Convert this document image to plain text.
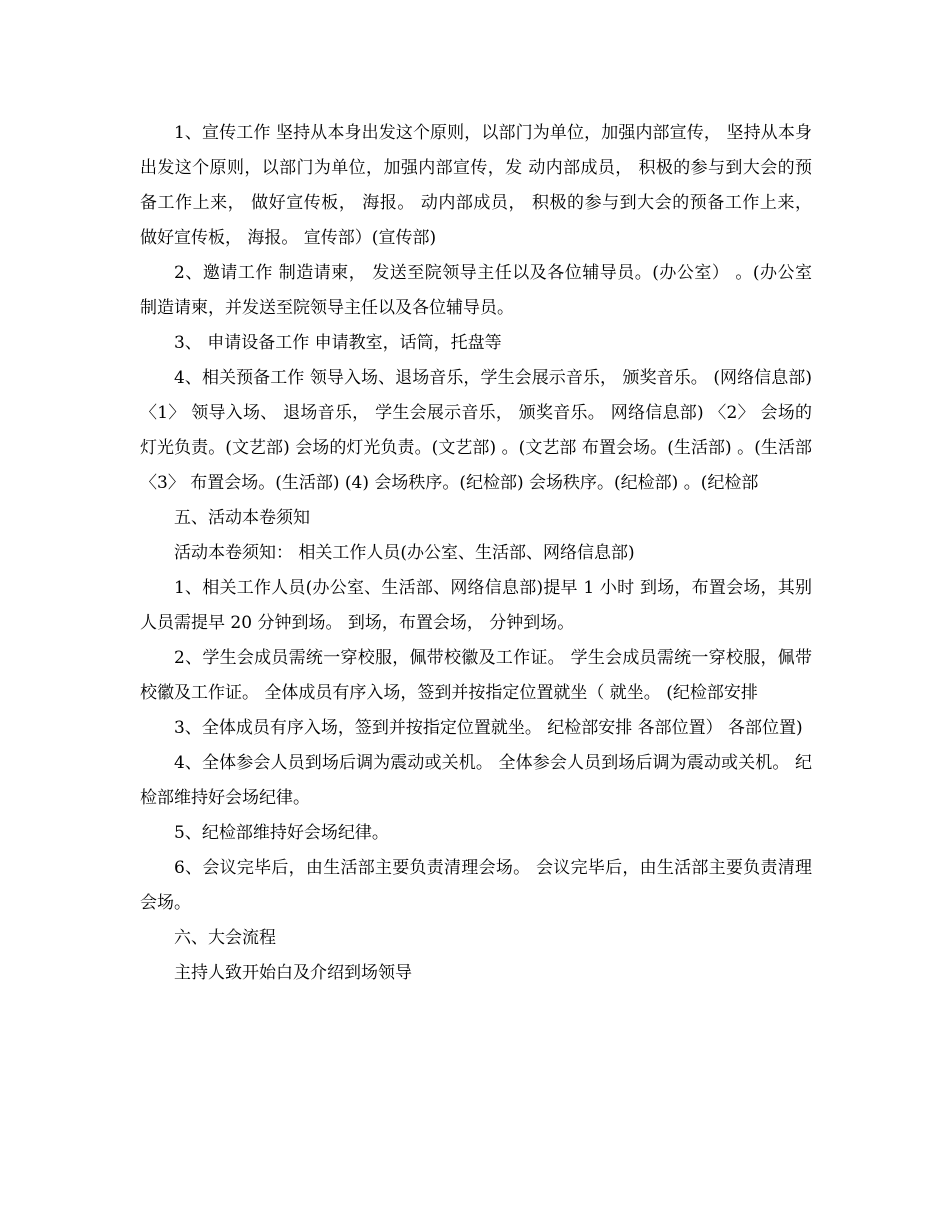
1、宣传工作 坚持从本身出发这个原则，以部门为单位，加强内部宣传， 坚持从本身出发这个原则，以部门为单位，加强内部宣传，发 动内部成员， 积极的参与到大会的预备工作上来， 做好宣传板， 海报。 动内部成员， 积极的参与到大会的预备工作上来， 做好宣传板， 海报。 宣传部）(宣传部)

2、邀请工作 制造请柬， 发送至院领导主任以及各位辅导员。(办公室） 。(办公室 制造请柬，并发送至院领导主任以及各位辅导员。

3、 申请设备工作 申请教室，话筒，托盘等

4、相关预备工作 领导入场、退场音乐，学生会展示音乐， 颁奖音乐。 (网络信息部) 〈1〉 领导入场、 退场音乐， 学生会展示音乐， 颁奖音乐。 网络信息部) 〈2〉 会场的灯光负责。(文艺部) 会场的灯光负责。(文艺部) 。(文艺部 布置会场。(生活部) 。(生活部 〈3〉 布置会场。(生活部) (4) 会场秩序。(纪检部) 会场秩序。(纪检部) 。(纪检部

五、活动本卷须知

活动本卷须知： 相关工作人员(办公室、生活部、网络信息部)

1、相关工作人员(办公室、生活部、网络信息部)提早 1 小时 到场，布置会场，其别人员需提早 20 分钟到场。 到场，布置会场， 分钟到场。

2、学生会成员需统一穿校服，佩带校徽及工作证。 学生会成员需统一穿校服，佩带校徽及工作证。 全体成员有序入场，签到并按指定位置就坐（ 就坐。 (纪检部安排

3、全体成员有序入场，签到并按指定位置就坐。 纪检部安排 各部位置） 各部位置)

4、全体参会人员到场后调为震动或关机。 全体参会人员到场后调为震动或关机。 纪检部维持好会场纪律。

5、纪检部维持好会场纪律。

6、会议完毕后，由生活部主要负责清理会场。 会议完毕后，由生活部主要负责清理会场。

六、大会流程

主持人致开始白及介绍到场领导
